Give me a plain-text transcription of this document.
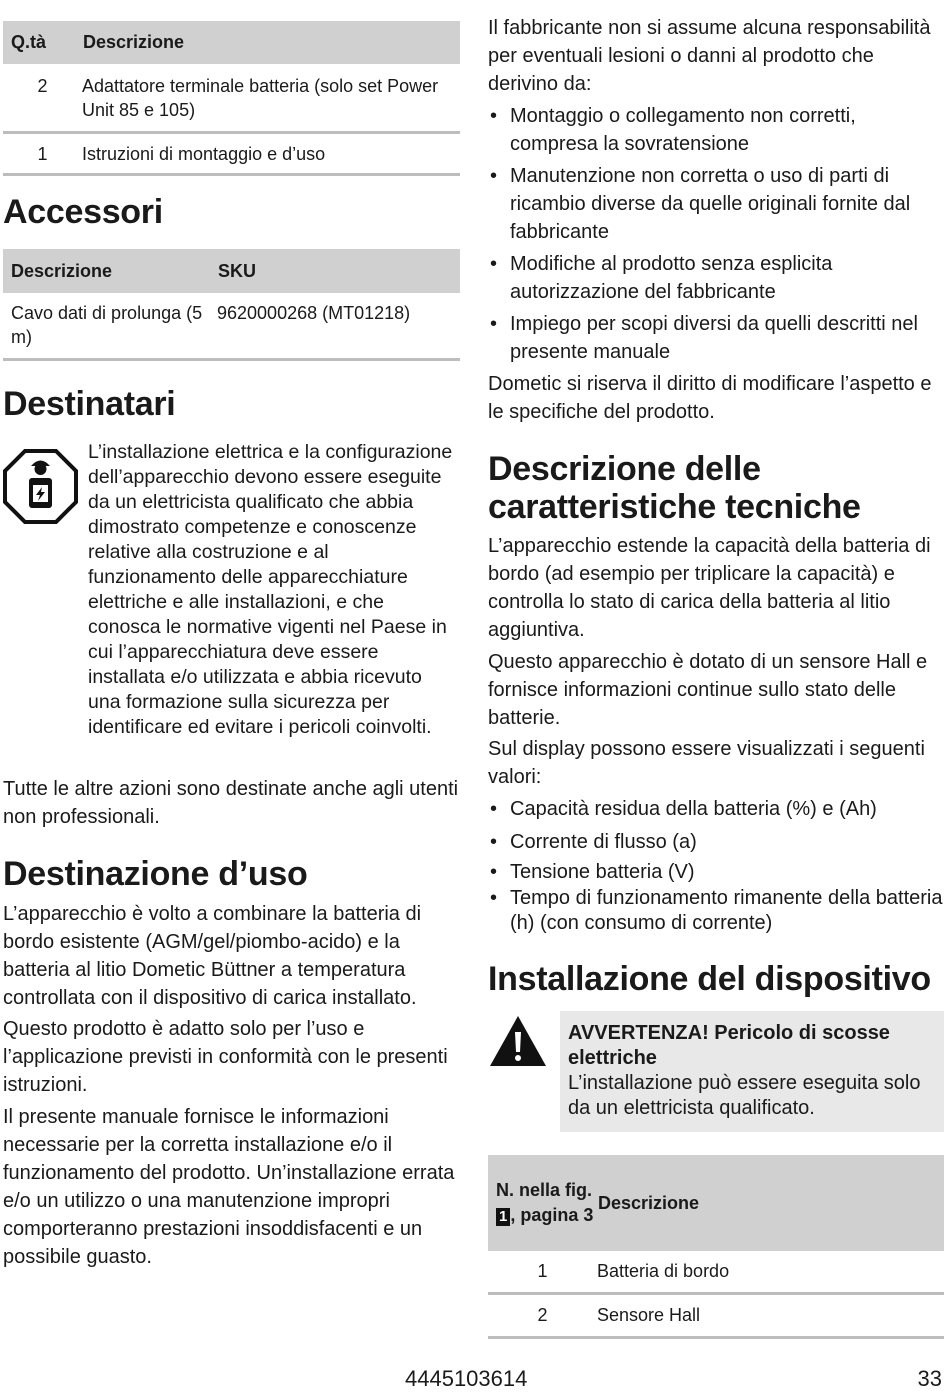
Q.tà	Descrizione
2	Adattatore terminale batteria (solo set Power Unit 85 e 105)
1	Istruzioni di montaggio e d’uso
Accessori
Descrizione	SKU
Cavo dati di prolunga (5 m)	9620000268 (MT01218)
Destinatari

L’installazione elettrica e la configurazione dell’apparecchio devono essere eseguite da un elettricista qualificato che abbia dimostrato competenze e conoscenze relative alla costruzione e al funzionamento delle apparecchiature elettriche e alle installazioni, e che conosca le normative vigenti nel Paese in cui l’apparecchiatura deve essere installata e/o utilizzata e abbia ricevuto una formazione sulla sicurezza per identificare ed evitare i pericoli coinvolti.

Tutte le altre azioni sono destinate anche agli utenti non professionali.

Destinazione d’uso

L’apparecchio è volto a combinare la batteria di bordo esistente (AGM/gel/piombo-acido) e la batteria al litio Dometic Büttner a temperatura controllata con il dispositivo di carica installato.

Questo prodotto è adatto solo per l’uso e l’applicazione previsti in conformità con le presenti istruzioni.

Il presente manuale fornisce le informazioni necessarie per la corretta installazione e/o il funzionamento del prodotto. Un’installazione errata e/o un utilizzo o una manutenzione impropri comporteranno prestazioni insoddisfacenti e un possibile guasto.

Il fabbricante non si assume alcuna responsabilità per eventuali lesioni o danni al prodotto che derivino da:

• Montaggio o collegamento non corretti, compresa la sovratensione
• Manutenzione non corretta o uso di parti di ricambio diverse da quelle originali fornite dal fabbricante
• Modifiche al prodotto senza esplicita autorizzazione del fabbricante
• Impiego per scopi diversi da quelli descritti nel presente manuale

Dometic si riserva il diritto di modificare l’aspetto e le specifiche del prodotto.

Descrizione delle caratteristiche tecniche

L’apparecchio estende la capacità della batteria di bordo (ad esempio per triplicare la capacità) e controlla lo stato di carica della batteria al litio aggiuntiva.

Questo apparecchio è dotato di un sensore Hall e fornisce informazioni continue sullo stato delle batterie.

Sul display possono essere visualizzati i seguenti valori:

• Capacità residua della batteria (%) e (Ah)
• Corrente di flusso (a)
• Tensione batteria (V)
• Tempo di funzionamento rimanente della batteria (h) (con consumo di corrente)
Installazione del dispositivo

AVVERTENZA! Pericolo di scosse elettriche

L’installazione può essere eseguita solo da un elettricista qualificato.

N. nella fig. 1 , pagina 3	Descrizione
1	Batteria di bordo
2	Sensore Hall
4445103614	33
